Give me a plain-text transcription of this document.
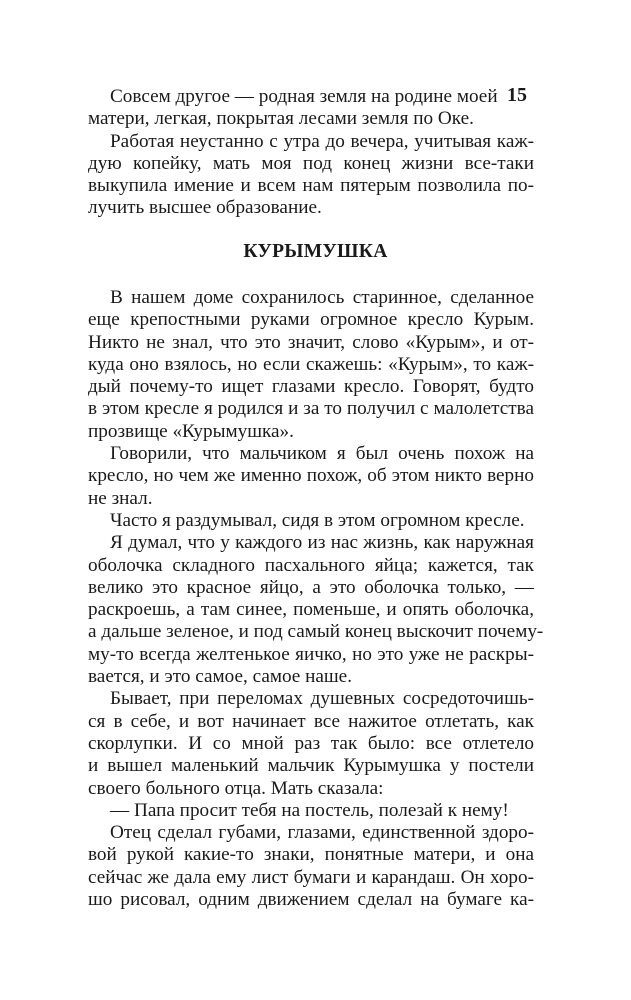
15
Совсем другое — родная земля на родине моей
матери, легкая, покрытая лесами земля по Оке.
Работая неустанно с утра до вечера, учитывая каж-
дую копейку, мать моя под конец жизни все-таки
выкупила имение и всем нам пятерым позволила по-
лучить высшее образование.
КУРЫМУШКА
В нашем доме сохранилось старинное, сделанное
еще крепостными руками огромное кресло Курым.
Никто не знал, что это значит, слово «Курым», и от-
куда оно взялось, но если скажешь: «Курым», то каж-
дый почему-то ищет глазами кресло. Говорят, будто
в этом кресле я родился и за то получил с малолетства
прозвище «Курымушка».
Говорили, что мальчиком я был очень похож на
кресло, но чем же именно похож, об этом никто верно
не знал.
Часто я раздумывал, сидя в этом огромном кресле.
Я думал, что у каждого из нас жизнь, как наружная
оболочка складного пасхального яйца; кажется, так
велико это красное яйцо, а это оболочка только, —
раскроешь, а там синее, поменьше, и опять оболочка,
а дальше зеленое, и под самый конец выскочит почему-
му-то всегда желтенькое яичко, но это уже не раскры-
вается, и это самое, самое наше.
Бывает, при переломах душевных сосредоточишь-
ся в себе, и вот начинает все нажитое отлетать, как
скорлупки. И со мной раз так было: все отлетело
и вышел маленький мальчик Курымушка у постели
своего больного отца. Мать сказала:
— Папа просит тебя на постель, полезай к нему!
Отец сделал губами, глазами, единственной здоро-
вой рукой какие-то знаки, понятные матери, и она
сейчас же дала ему лист бумаги и карандаш. Он хоро-
шо рисовал, одним движением сделал на бумаге ка-
